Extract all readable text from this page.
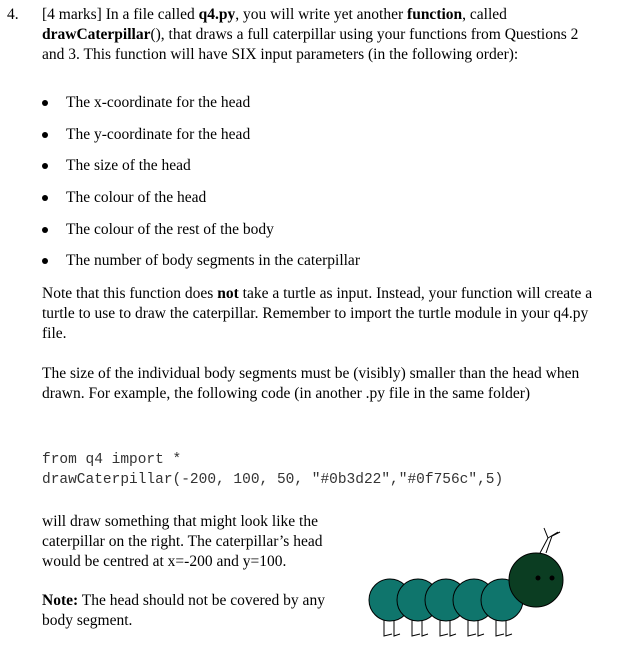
4. [4 marks] In a file called q4.py, you will write yet another function, called drawCaterpillar(), that draws a full caterpillar using your functions from Questions 2 and 3. This function will have SIX input parameters (in the following order):

The x-coordinate for the head
The y-coordinate for the head
The size of the head
The colour of the head
The colour of the rest of the body
The number of body segments in the caterpillar

Note that this function does not take a turtle as input. Instead, your function will create a turtle to use to draw the caterpillar. Remember to import the turtle module in your q4.py file.

The size of the individual body segments must be (visibly) smaller than the head when drawn. For example, the following code (in another .py file in the same folder)

from q4 import *
drawCaterpillar(-200, 100, 50, "#0b3d22","#0f756c",5)

will draw something that might look like the caterpillar on the right. The caterpillar’s head would be centred at x=-200 and y=100.

Note: The head should not be covered by any body segment.
